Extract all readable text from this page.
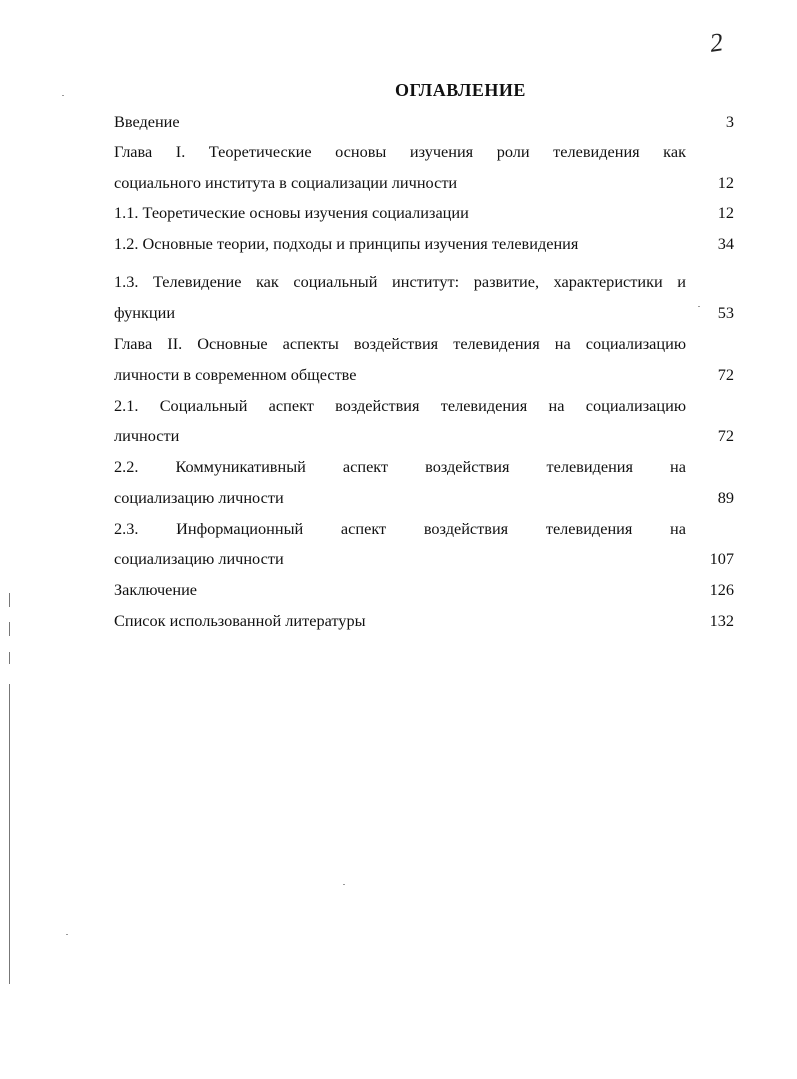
2
ОГЛАВЛЕНИЕ
Введение	3
Глава I. Теоретические основы изучения роли телевидения как
социального института в социализации личности	12
1.1. Теоретические основы изучения социализации	12
1.2. Основные теории, подходы и принципы изучения телевидения	34
1.3. Телевидение как социальный институт: развитие, характеристики и
функции	53
Глава II. Основные аспекты воздействия телевидения на социализацию
личности в современном обществе	72
2.1. Социальный аспект воздействия телевидения на социализацию
личности	72
2.2. Коммуникативный аспект воздействия телевидения на
социализацию личности	89
2.3. Информационный аспект воздействия телевидения на
социализацию личности	107
Заключение	126
Список использованной литературы	132
